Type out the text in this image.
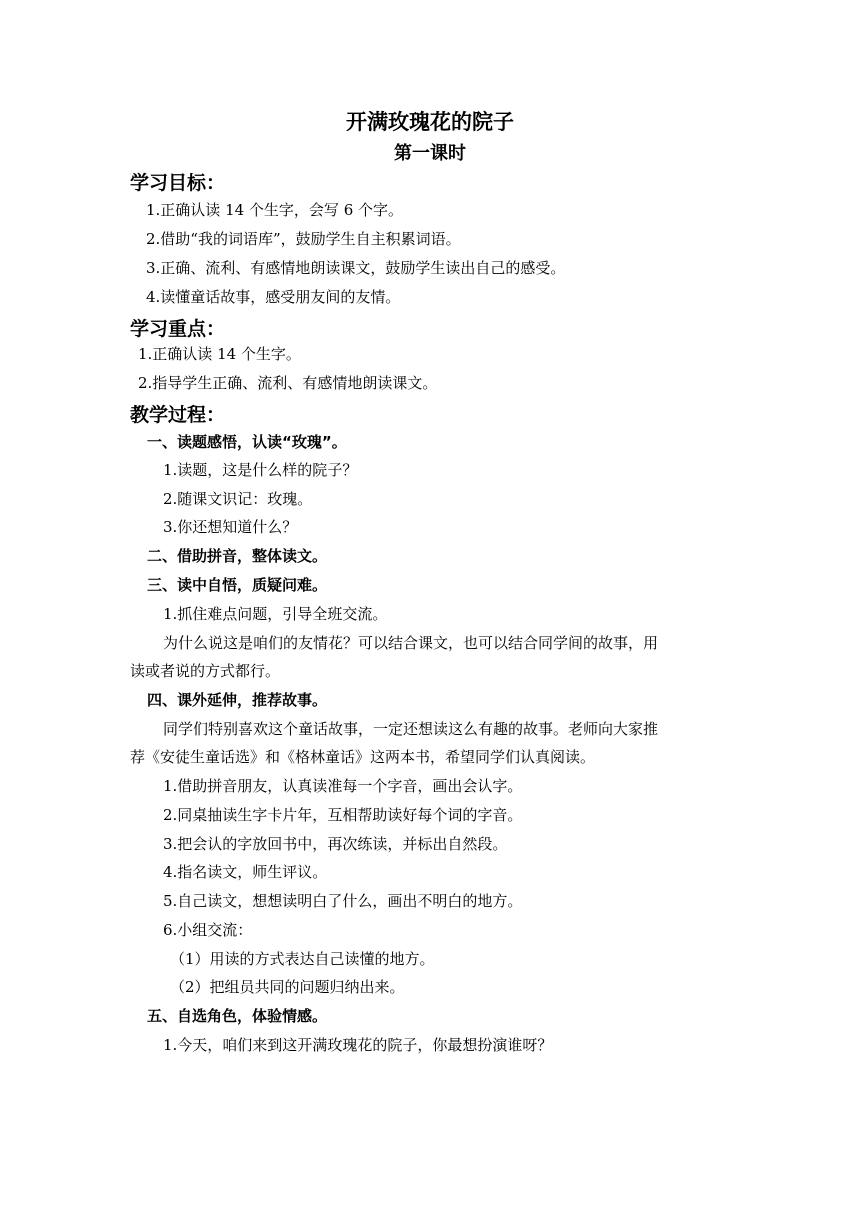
开满玫瑰花的院子
第一课时
学习目标：
1.正确认读 14 个生字，会写 6 个字。
2.借助“我的词语库”，鼓励学生自主积累词语。
3.正确、流利、有感情地朗读课文，鼓励学生读出自己的感受。
4.读懂童话故事，感受朋友间的友情。
学习重点：
1.正确认读 14 个生字。
2.指导学生正确、流利、有感情地朗读课文。
教学过程：
一、读题感悟，认读“玫瑰”。
1.读题，这是什么样的院子？
2.随课文识记：玫瑰。
3.你还想知道什么？
二、借助拼音，整体读文。
三、读中自悟，质疑问难。
1.抓住难点问题，引导全班交流。
为什么说这是咱们的友情花？可以结合课文，也可以结合同学间的故事，用
读或者说的方式都行。
四、课外延伸，推荐故事。
同学们特别喜欢这个童话故事，一定还想读这么有趣的故事。老师向大家推
荐《安徒生童话选》和《格林童话》这两本书，希望同学们认真阅读。
1.借助拼音朋友，认真读准每一个字音，画出会认字。
2.同桌抽读生字卡片年，互相帮助读好每个词的字音。
3.把会认的字放回书中，再次练读，并标出自然段。
4.指名读文，师生评议。
5.自己读文，想想读明白了什么，画出不明白的地方。
6.小组交流：
（1）用读的方式表达自己读懂的地方。
（2）把组员共同的问题归纳出来。
五、自选角色，体验情感。
1.今天，咱们来到这开满玫瑰花的院子，你最想扮演谁呀？
